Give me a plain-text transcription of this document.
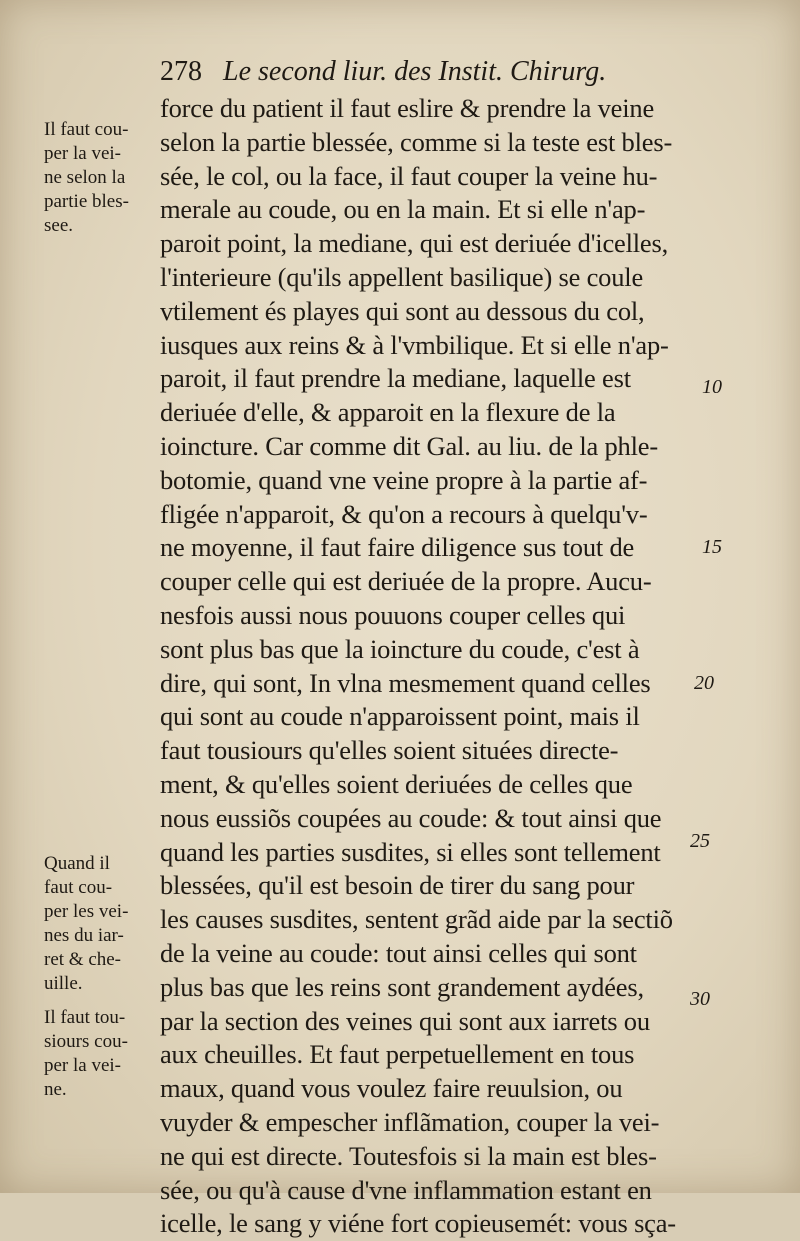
278 Le second liur. des Instit. Chirurg.
Il faut cou-
per la vei-
ne selon la
partie bles-
see.
Quand il
faut cou-
per les vei-
nes du iar-
ret & che-
uille.
Il faut tou-
siours cou-
per la vei-
ne.
force du patient il faut eslire & prendre la veine
selon la partie blessée, comme si la teste est bles-
sée, le col, ou la face, il faut couper la veine hu-
merale au coude, ou en la main. Et si elle n'ap-
paroit point, la mediane, qui est deriuée d'icelles,
l'interieure (qu'ils appellent basilique) se coule
vtilement és playes qui sont au dessous du col,
iusques aux reins & à l'vmbilique. Et si elle n'ap-
paroit, il faut prendre la mediane, laquelle est
deriuée d'elle, & apparoit en la flexure de la
ioincture. Car comme dit Gal. au liu. de la phle-
botomie, quand vne veine propre à la partie af-
fligée n'apparoit, & qu'on a recours à quelqu'v-
ne moyenne, il faut faire diligence sus tout de
couper celle qui est deriuée de la propre. Aucu-
nesfois aussi nous pouuons couper celles qui
sont plus bas que la ioincture du coude, c'est à
dire, qui sont, In vlna mesmement quand celles
qui sont au coude n'apparoissent point, mais il
faut tousiours qu'elles soient situées directe-
ment, & qu'elles soient deriuées de celles que
nous eussiõs coupées au coude: & tout ainsi que
quand les parties susdites, si elles sont tellement
blessées, qu'il est besoin de tirer du sang pour
les causes susdites, sentent grãd aide par la sectiõ
de la veine au coude: tout ainsi celles qui sont
plus bas que les reins sont grandement aydées,
par la section des veines qui sont aux iarrets ou
aux cheuilles. Et faut perpetuellement en tous
maux, quand vous voulez faire reuulsion, ou
vuyder & empescher inflãmation, couper la vei-
ne qui est directe. Toutesfois si la main est bles-
sée, ou qu'à cause d'vne inflammation estant en
icelle, le sang y viéne fort copieusemét: vous sça-
10
15
20
25
30
